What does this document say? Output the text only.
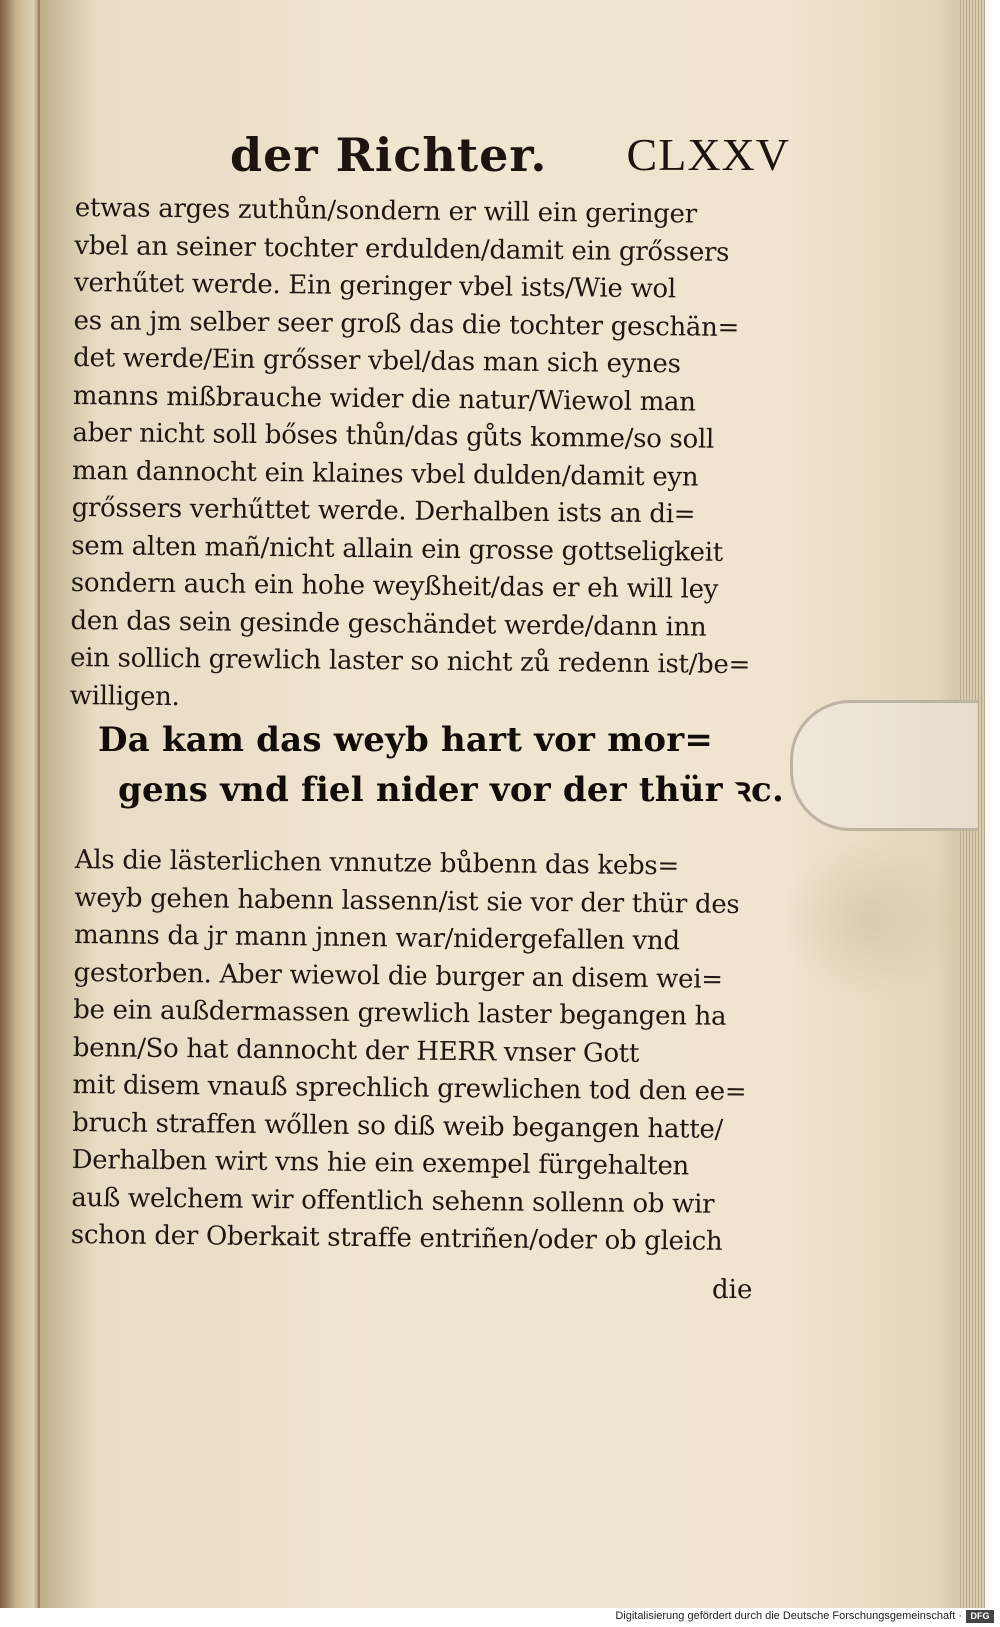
der Richter. CLXXV
etwas arges zuthůn/sondern er will ein geringer
vbel an seiner tochter erdulden/damit ein grőssers
verhűtet werde. Ein geringer vbel ists/Wie wol
es an jm selber seer groß das die tochter geschän=
det werde/Ein grősser vbel/das man sich eynes
manns mißbrauche wider die natur/Wiewol man
aber nicht soll bőses thůn/das gůts komme/so soll
man dannocht ein klaines vbel dulden/damit eyn
grőssers verhűttet werde. Derhalben ists an di=
sem alten mañ/nicht allain ein grosse gottseligkeit
sondern auch ein hohe weyßheit/das er eh will ley
den das sein gesinde geschändet werde/dann inn
ein sollich grewlich laster so nicht zů redenn ist/be=
willigen.
Da kam das weyb hart vor mor=
gens vnd fiel nider vor der thür ꝛc.
Als die lästerlichen vnnutze bůbenn das kebs=
weyb gehen habenn lassenn/ist sie vor der thür des
manns da jr mann jnnen war/nidergefallen vnd
gestorben. Aber wiewol die burger an disem wei=
be ein außdermassen grewlich laster begangen ha
benn/So hat dannocht der HERR vnser Gott
mit disem vnauß sprechlich grewlichen tod den ee=
bruch straffen wőllen so diß weib begangen hatte/
Derhalben wirt vns hie ein exempel fürgehalten
auß welchem wir offentlich sehenn sollenn ob wir
schon der Oberkait straffe entriñen/oder ob gleich
die
Digitalisierung gefördert durch die Deutsche Forschungsgemeinschaft · DFG
